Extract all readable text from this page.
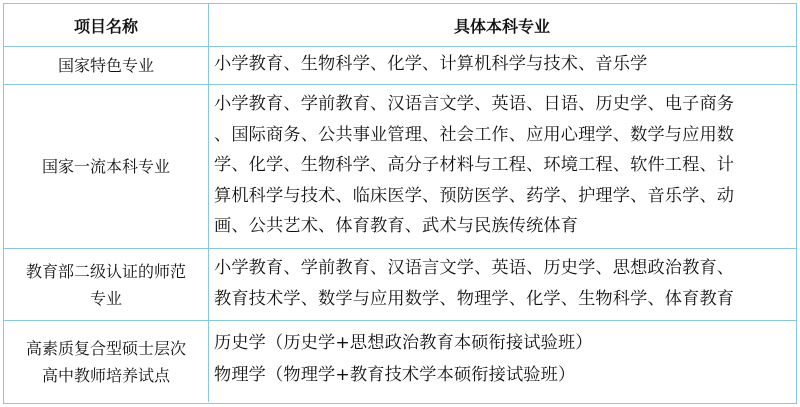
项目名称	具体本科专业
国家特色专业	小学教育、生物科学、化学、计算机科学与技术、音乐学
国家一流本科专业
小学教育、学前教育、汉语言文学、英语、日语、历史学、电子商务
、国际商务、公共事业管理、社会工作、应用心理学、数学与应用数
学、化学、生物科学、高分子材料与工程、环境工程、软件工程、计
算机科学与技术、临床医学、预防医学、药学、护理学、音乐学、动
画、公共艺术、体育教育、武术与民族传统体育
教育部二级认证的师范
专业
小学教育、学前教育、汉语言文学、英语、历史学、思想政治教育、
教育技术学、数学与应用数学、物理学、化学、生物科学、体育教育
高素质复合型硕士层次
高中教师培养试点
历史学（历史学+思想政治教育本硕衔接试验班）
物理学（物理学+教育技术学本硕衔接试验班）
